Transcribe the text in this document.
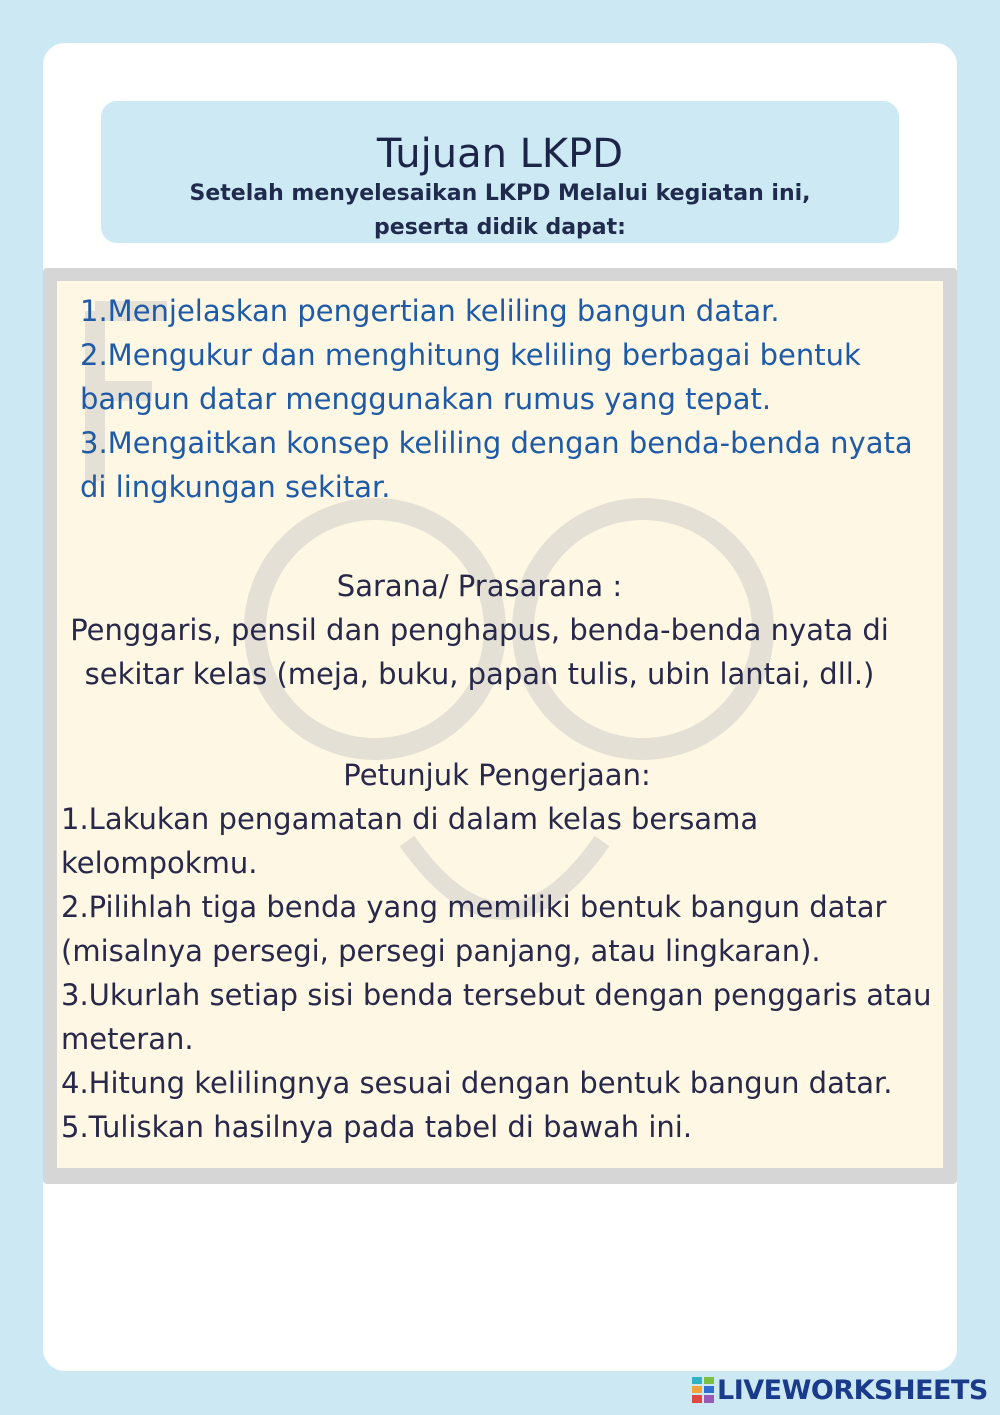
Tujuan LKPD
Setelah menyelesaikan LKPD Melalui kegiatan ini,
peserta didik dapat:
1.Menjelaskan pengertian keliling bangun datar.
2.Mengukur dan menghitung keliling berbagai bentuk bangun datar menggunakan rumus yang tepat.
3.Mengaitkan konsep keliling dengan benda-benda nyata di lingkungan sekitar.
Sarana/ Prasarana :
Penggaris, pensil dan penghapus, benda-benda nyata di sekitar kelas (meja, buku, papan tulis, ubin lantai, dll.)
Petunjuk Pengerjaan:
1.Lakukan pengamatan di dalam kelas bersama kelompokmu.
2.Pilihlah tiga benda yang memiliki bentuk bangun datar (misalnya persegi, persegi panjang, atau lingkaran).
3.Ukurlah setiap sisi benda tersebut dengan penggaris atau meteran.
4.Hitung kelilingnya sesuai dengan bentuk bangun datar.
5.Tuliskan hasilnya pada tabel di bawah ini.
LIVEWORKSHEETS
